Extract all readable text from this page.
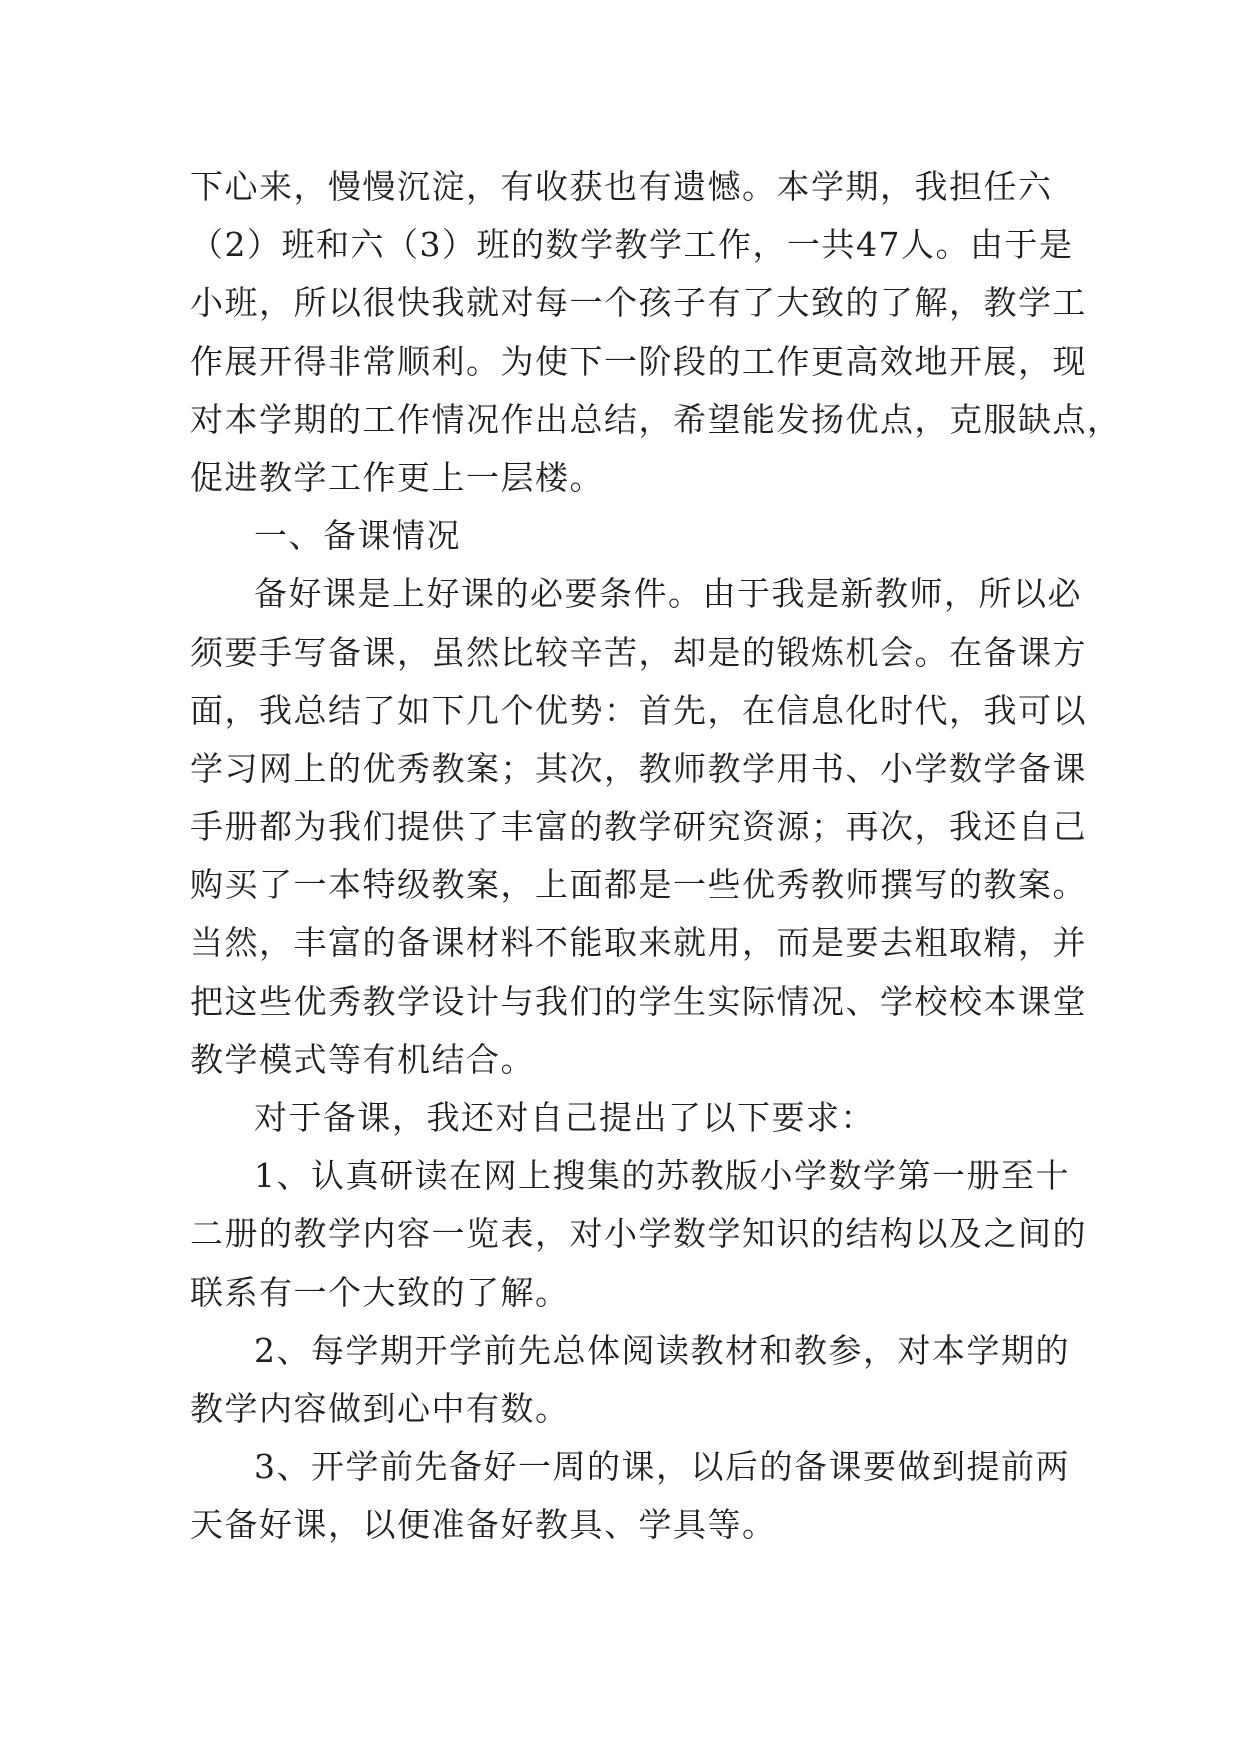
下心来，慢慢沉淀，有收获也有遗憾。本学期，我担任六
（2）班和六（3）班的数学教学工作，一共47人。由于是
小班，所以很快我就对每一个孩子有了大致的了解，教学工
作展开得非常顺利。为使下一阶段的工作更高效地开展，现
对本学期的工作情况作出总结，希望能发扬优点，克服缺点，
促进教学工作更上一层楼。
一、备课情况
备好课是上好课的必要条件。由于我是新教师，所以必
须要手写备课，虽然比较辛苦，却是的锻炼机会。在备课方
面，我总结了如下几个优势：首先，在信息化时代，我可以
学习网上的优秀教案；其次，教师教学用书、小学数学备课
手册都为我们提供了丰富的教学研究资源；再次，我还自己
购买了一本特级教案，上面都是一些优秀教师撰写的教案。
当然，丰富的备课材料不能取来就用，而是要去粗取精，并
把这些优秀教学设计与我们的学生实际情况、学校校本课堂
教学模式等有机结合。
对于备课，我还对自己提出了以下要求：
1、认真研读在网上搜集的苏教版小学数学第一册至十
二册的教学内容一览表，对小学数学知识的结构以及之间的
联系有一个大致的了解。
2、每学期开学前先总体阅读教材和教参，对本学期的
教学内容做到心中有数。
3、开学前先备好一周的课，以后的备课要做到提前两
天备好课，以便准备好教具、学具等。
